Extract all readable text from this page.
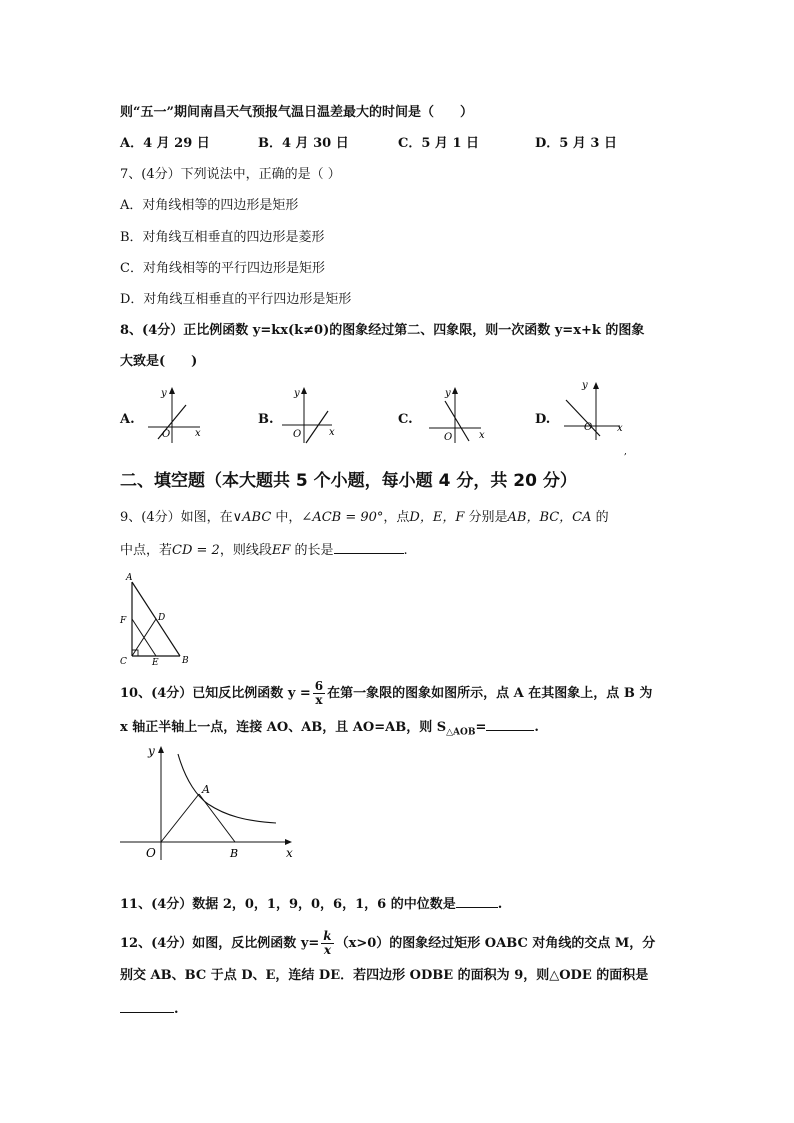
则“五一”期间南昌天气预报气温日温差最大的时间是（　　）
A．4 月 29 日	B．4 月 30 日	C．5 月 1 日	D．5 月 3 日
7、(4分）下列说法中，正确的是（ ）
A．对角线相等的四边形是矩形
B．对角线互相垂直的四边形是菱形
C．对角线相等的平行四边形是矩形
D．对角线互相垂直的平行四边形是矩形
8、(4分）正比例函数 y=kx(k≠0)的图象经过第二、四象限，则一次函数 y=x+k 的图象
大致是(　　)
A.	B.	C.	D.
y
x
O
y
x
O
y
x
O
y
x
O
,
二、填空题（本大题共 5 个小题，每小题 4 分，共 20 分）
9、(4分）如图，在∨ABC 中，∠ACB = 90°，点D，E，F 分别是AB，BC，CA 的
中点，若CD = 2，则线段EF 的长是	.
A
F
C	E
D
B
10、(4分）已知反比例函数 $y = \frac{6}{x}$ 在第一象限的图象如图所示，点 A 在其图象上，点 B 为
x 轴正半轴上一点，连接 AO、AB，且 AO=AB，则 $S_{\triangle AOB}=$	.
y
A
O	B	x
11、(4分）数据 2，0，1，9，0，6，1，6 的中位数是	.
12、(4分）如图，反比例函数 $y= \frac{k}{x} (x>0)$的图象经过矩形 OABC 对角线的交点 M，分
别交 AB、BC 于点 D、E，连结 DE．若四边形 ODBE 的面积为 9，则△ODE 的面积是
.
